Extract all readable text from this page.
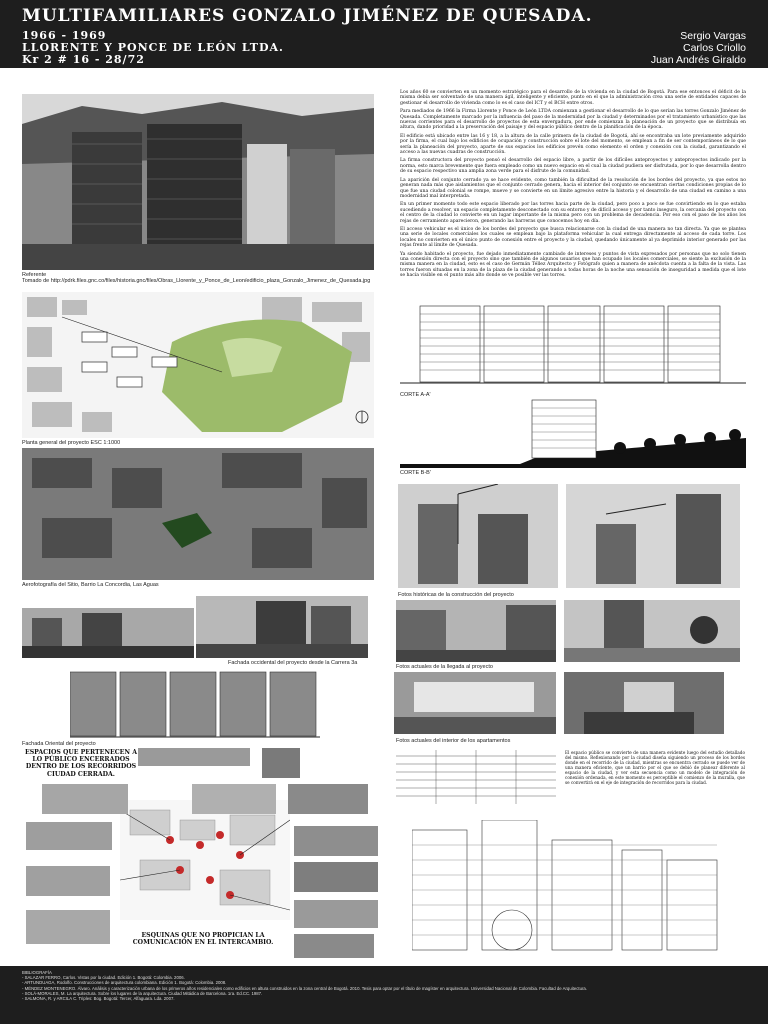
MULTIFAMILIARES GONZALO JIMÉNEZ DE QUESADA.
1966 - 1969
LLORENTE Y PONCE DE LEÓN LTDA.
Kr 2 # 16 - 28/72
Sergio Vargas
Carlos Criollo
Juan Andrés Giraldo
Referente
Tomado de http://pdrk.files.gnc.co/files/historia.gnc/files/Obras_Llorente_y_Ponce_de_Leon/edificio_plaza_Gonzalo_Jimenez_de_Quesada.jpg

Los años 60 se convierten en un momento estratégico para el desarrollo de la vivienda en la ciudad de Bogotá. Para ese entonces el déficit de la misma debía ser solventado de una manera ágil, inteligente y eficiente, punto en el que la administración crea una serie de entidades capaces de gestionar el desarrollo de vivienda como lo es el caso del ICT y el BCH entre otros.

Para mediados de 1966 la Firma Llorente y Ponce de León LTDA comienzan a gestionar el desarrollo de lo que serían las torres Gonzalo Jiménez de Quesada. Completamente marcado por la influencia del paso de la modernidad por la ciudad y determinados por el tratamiento urbanístico que las nuevas corrientes para el desarrollo de proyectos de esta envergadura, por ende comienzan la planeación de un proyecto que se distribuía en altura, dando prioridad a la preservación del paisaje y del espacio público dentro de la planificación de la época.

El edificio está ubicado entre las 16 y 18, a la altura de la calle primera de la ciudad de Bogotá, ahí se encontraba un lote previamente adquirido por la firma, el cual bajo los edificios de ocupación y construcción sobre el lote del momento, se emplean a fin de ser contemporáneos de lo que sería la planeación del proyecto, aparte de sus espacios los edificios prevén como elemento el orden y conexión con la ciudad, garantizando el acceso a las nuevas cuadras de construcción.

La firma constructora del proyecto pensó el desarrollo del espacio libre, a partir de los difíciles anteproyectos y anteproyectos indicado por la norma, esto marca brevemente que fuera empleado como un nuevo espacio en el cual la ciudad pudiera ser disfrutada, por lo que desarrolla dentro de su espacio respectivo una amplia zona verde para el disfrute de la comunidad.

La aparición del conjunto cerrado ya se hace evidente, como también la dificultad de la resolución de los bordes del proyecto, ya que estos no generan nada más que aislamientos que el conjunto cerrado genera, hacia el interior del conjunto se encuentran ciertas condiciones propias de lo que fue una ciudad colonial se rompe, mueve y se convierte en un límite agresivo entre la historia y el desarrollo de una ciudad en camino a una modernidad mal interpretada.

En un primer momento todo este espacio liberado por las torres hacia parte de la ciudad, pero poco a poco se fue convirtiendo en lo que estaba sucediendo a resolver, un espacio completamente desconectado con su entorno y de difícil acceso y por tanto inseguro, la cercanía del proyecto con el centro de la ciudad lo convierte en un lugar importante de la misma pero con un problema de decadencia. Por eso con el paso de los años los rejas de cerramiento aparecieron, generando las barreras que conocemos hoy en día.

El acceso vehicular es el único de los bordes del proyecto que busca relacionarse con la ciudad de una manera no tan directa. Ya que se plantea una serie de locales comerciales los cuales se emplean bajo la plataforma vehicular la cual entrega directamente al acceso de cada torre. Los locales no convierten en el único punto de conexión entre el proyecto y la ciudad, quedando únicamente al ya deprimido interior generado por las rejas frente al límite de Quesada.

Ya siendo habitado el proyecto, fue dejado inmediatamente cambiado de intereses y puntos de vista expresados por personas que no solo tienen una conexión directa con el proyecto sino que también de algunos usuarios que han ocupado los locales comerciales, se siente la exclusión de la misma manera en la ciudad, esto es el caso de Germán Téllez Arquitecto y Fotógrafo quien a manera de anécdota cuenta a la falta de la vista. Las torres fueron situadas en la zona de la plaza de la ciudad generando a todas horas de la noche una sensación de inseguridad a medida que el lote se hacía visible en el punto más alto donde se ve posible ver las torres.

Planta general del proyecto ESC 1:1000
Aerofotografía del Sitio, Barrio La Concordia, Las Aguas
Fachada occidental del proyecto desde la Carrera 3a
Fachada Oriental del proyecto
CORTE A-A'
CORTE B-B'
Fotos históricas de la construcción del proyecto
Fotos actuales de la llegada al proyecto
Fotos actuales del interior de los apartamentos
ESPACIOS QUE PERTENECEN A LO PÚBLICO ENCERRADOS DENTRO DE LOS RECORRIDOS CIUDAD CERRADA.
ESQUINAS QUE NO PROPICIAN LA COMUNICACIÓN EN EL INTERCAMBIO.
El espacio público se convierte de una manera evidente luego del estudio detallado del mismo. Reflexionando por la ciudad diseña siguiendo un proceso de los bordes donde en el recorrido de la ciudad, mientras se encuentra cerrado se puede ver de una manera eficiente, que un barrio por el que se debió de planear diferente al espacio de la ciudad, y ver esta secuencia como un modelo de integración de conexión ordenada, en este momento es perceptible el comienzo de la muralla, que se convertirá en el eje de integración de recorridos para la ciudad.
BIBLIOGRAFÍA
- SALAZAR FERRO, Carlos. Vistas por la ciudad. Edición 1. Bogotá: Colombia. 2006.
- ARTUNDUAGA, Rodolfo. Construcciones de arquitectura colombiana. Edición 1. Bogotá: Colombia. 2008.
- MÉNDEZ MONTENEGRO. Álvaro. Análisis y caracterización urbana de los primeros años residenciales como edificios en altura construidos en la zona central de Bogotá. 2010. Tesis para optar por el título de magíster en arquitectura. Universidad Nacional de Colombia. Facultad de Arquitectura.
- SOLÁ-MORALES, M. La arquitectura. Sobre los lugares de la arquitectura. Ciudad Mitádica de Barcelona. 1ra. Ed.CC. 1987.
- SALMONA, R. y ARCILA C. Triples: Bog. Bogotá: Tercer, Alfaguara. Lda. 2007.
